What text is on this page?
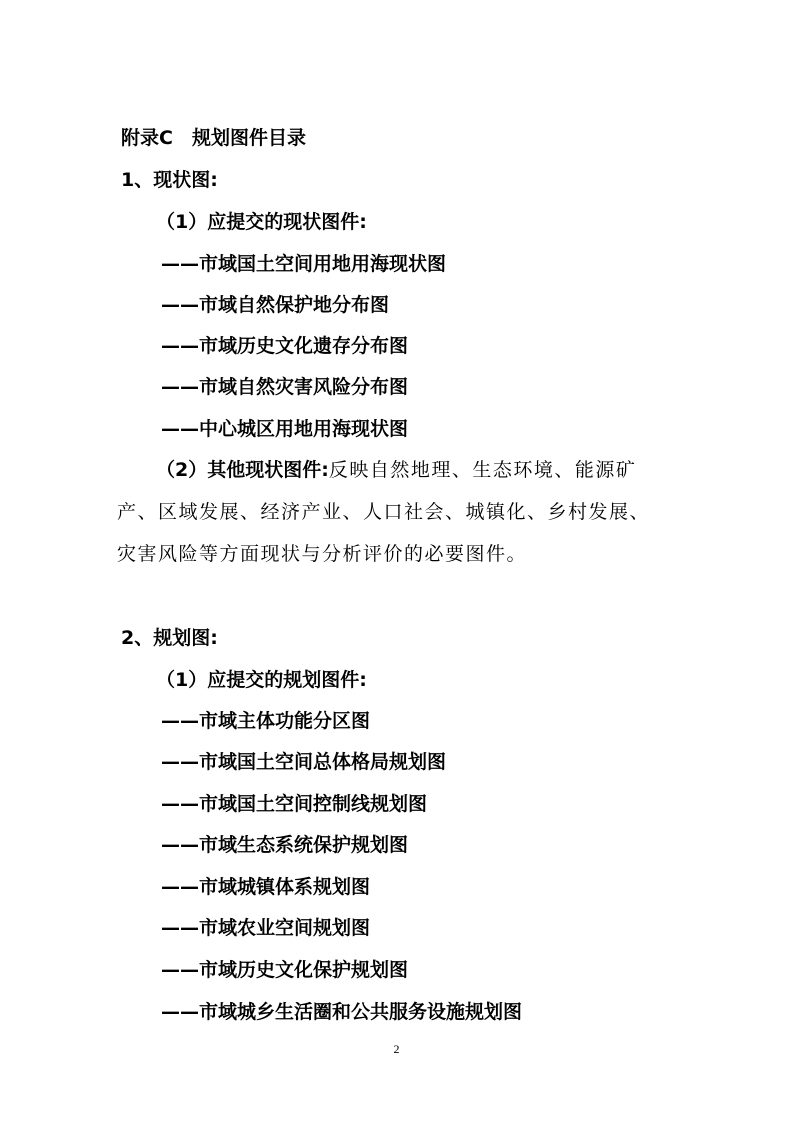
附录C　规划图件目录
1、现状图:
（1）应提交的现状图件:
——市域国土空间用地用海现状图
——市域自然保护地分布图
——市域历史文化遗存分布图
——市域自然灾害风险分布图
——中心城区用地用海现状图
（2）其他现状图件:反映自然地理、生态环境、能源矿
产、区域发展、经济产业、人口社会、城镇化、乡村发展、
灾害风险等方面现状与分析评价的必要图件。
2、规划图:
（1）应提交的规划图件:
——市域主体功能分区图
——市域国土空间总体格局规划图
——市域国土空间控制线规划图
——市域生态系统保护规划图
——市域城镇体系规划图
——市域农业空间规划图
——市域历史文化保护规划图
——市域城乡生活圈和公共服务设施规划图
2
